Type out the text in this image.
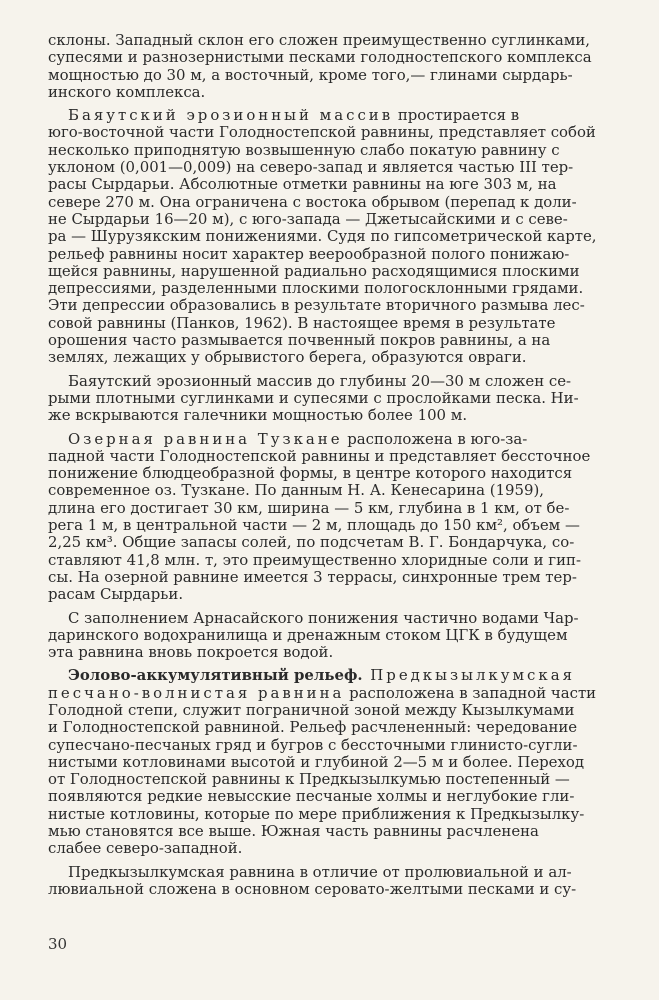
склоны. Западный склон его сложен преимущественно суглинками,
супесями и разнозернистыми песками голодностепского комплекса
мощностью до 30 м, а восточный, кроме того,— глинами сырдарь-
инского комплекса.
Баяутский эрозионный массив простирается в
юго-восточной части Голодностепской равнины, представляет собой
несколько приподнятую возвышенную слабо покатую равнину с
уклоном (0,001—0,009) на северо-запад и является частью III тер-
расы Сырдарьи. Абсолютные отметки равнины на юге 303 м, на
севере 270 м. Она ограничена с востока обрывом (перепад к доли-
не Сырдарьи 16—20 м), с юго-запада — Джетысайскими и с севе-
ра — Шурузякским понижениями. Судя по гипсометрической карте,
рельеф равнины носит характер веерообразной полого понижаю-
щейся равнины, нарушенной радиально расходящимися плоскими
депрессиями, разделенными плоскими пологосклонными грядами.
Эти депрессии образовались в результате вторичного размыва лес-
совой равнины (Панков, 1962). В настоящее время в результате
орошения часто размывается почвенный покров равнины, а на
землях, лежащих у обрывистого берега, образуются овраги.
Баяутский эрозионный массив до глубины 20—30 м сложен се-
рыми плотными суглинками и супесями с прослойками песка. Ни-
же вскрываются галечники мощностью более 100 м.
Озерная равнина Тузкане расположена в юго-за-
падной части Голодностепской равнины и представляет бессточное
понижение блюдцеобразной формы, в центре которого находится
современное оз. Тузкане. По данным Н. А. Кенесарина (1959),
длина его достигает 30 км, ширина — 5 км, глубина в 1 км, от бе-
рега 1 м, в центральной части — 2 м, площадь до 150 км², объем —
2,25 км³. Общие запасы солей, по подсчетам В. Г. Бондарчука, со-
ставляют 41,8 млн. т, это преимущественно хлоридные соли и гип-
сы. На озерной равнине имеется 3 террасы, синхронные трем тер-
расам Сырдарьи.
С заполнением Арнасайского понижения частично водами Чар-
даринского водохранилища и дренажным стоком ЦГК в будущем
эта равнина вновь покроется водой.
Эолово-аккумулятивный рельеф. Предкызылкумская
песчано-волнистая равнина расположена в западной части
Голодной степи, служит пограничной зоной между Кызылкумами
и Голодностепской равниной. Рельеф расчлененный: чередование
супесчано-песчаных гряд и бугров с бессточными глинисто-сугли-
нистыми котловинами высотой и глубиной 2—5 м и более. Переход
от Голодностепской равнины к Предкызылкумью постепенный —
появляются редкие невысские песчаные холмы и неглубокие гли-
нистые котловины, которые по мере приближения к Предкызылку-
мью становятся все выше. Южная часть равнины расчленена
слабее северо-западной.
Предкызылкумская равнина в отличие от пролювиальной и ал-
лювиальной сложена в основном серовато-желтыми песками и су-
30
